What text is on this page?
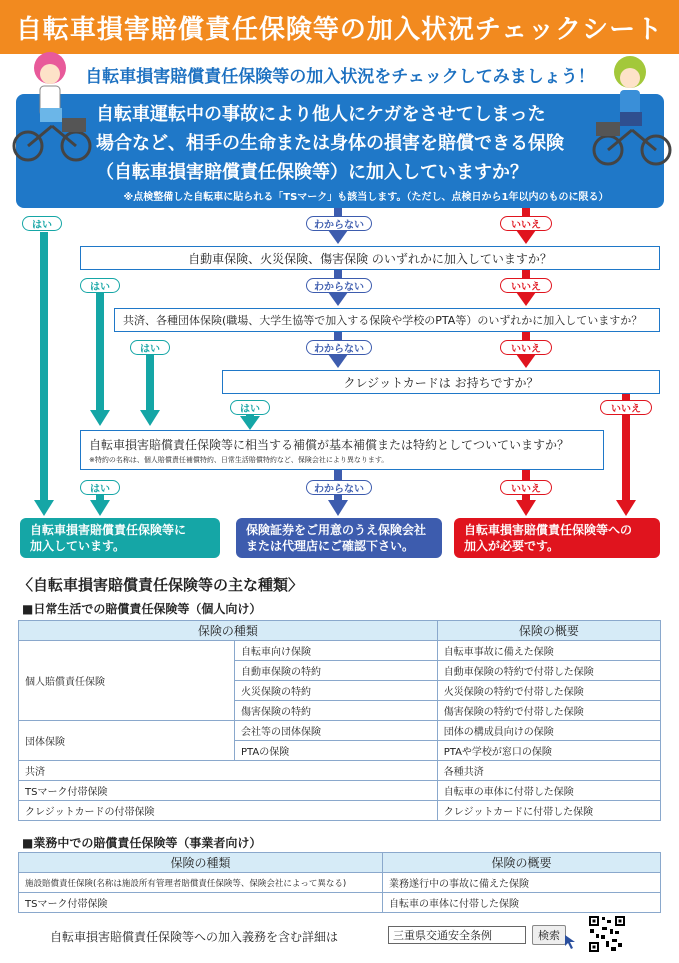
自転車損害賠償責任保険等の加入状況チェックシート
自転車損害賠償責任保険等の加入状況をチェックしてみましょう！
自転車運転中の事故により他人にケガをさせてしまった
場合など、相手の生命または身体の損害を賠償できる保険
（自転車損害賠償責任保険等）に加入していますか？
※点検整備した自転車に貼られる「TSマーク」も該当します。（ただし、点検日から1年以内のものに限る）
はい	わからない	いいえ
自動車保険、火災保険、傷害保険 のいずれかに加入していますか？
はい	わからない	いいえ
共済、各種団体保険(職場、大学生協等で加入する保険や学校のPTA等）のいずれかに加入していますか？
はい	わからない	いいえ
クレジットカードは お持ちですか？
はい	いいえ
自転車損害賠償責任保険等に相当する補償が基本補償または特約としてついていますか？
※特約の名称は、個人賠償責任補償特約、日常生活賠償特約など、保険会社により異なります。
はい	わからない	いいえ
自転車損害賠償責任保険等に
加入しています。
保険証券をご用意のうえ保険会社
または代理店にご確認下さい。
自転車損害賠償責任保険等への
加入が必要です。
〈自転車損害賠償責任保険等の主な種類〉
■日常生活での賠償責任保険等（個人向け）
保険の種類		保険の概要
個人賠償責任保険	自転車向け保険	自転車事故に備えた保険
	自動車保険の特約	自動車保険の特約で付帯した保険
	火災保険の特約	火災保険の特約で付帯した保険
	傷害保険の特約	傷害保険の特約で付帯した保険
団体保険	会社等の団体保険	団体の構成員向けの保険
	PTAの保険	PTAや学校が窓口の保険
共済		各種共済
TSマーク付帯保険		自転車の車体に付帯した保険
クレジットカードの付帯保険		クレジットカードに付帯した保険
■業務中での賠償責任保険等（事業者向け）
保険の種類	保険の概要
施設賠償責任保険(名称は施設所有管理者賠償責任保険等、保険会社によって異なる)	業務遂行中の事故に備えた保険
TSマーク付帯保険	自転車の車体に付帯した保険
自転車損害賠償責任保険等への加入義務を含む詳細は	三重県交通安全条例	検索
